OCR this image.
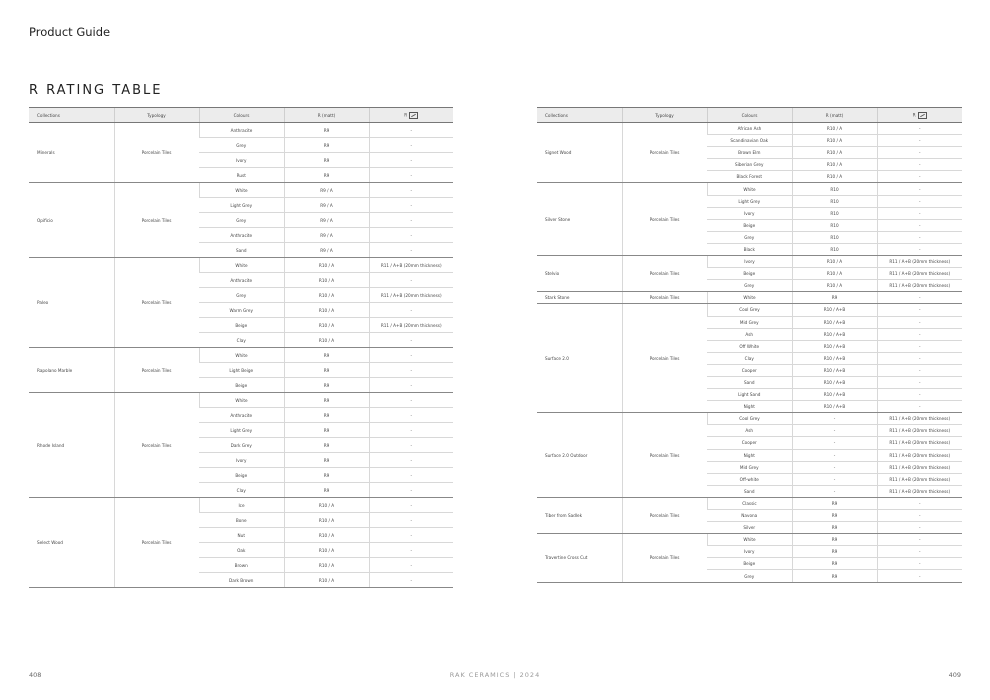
Product Guide
R RATING TABLE
Collections	Typology	Colours	R (matt)	R
Minerals	Porcelain Tiles	Anthracite	R9	-
		Grey	R9	-
		Ivory	R9	-
		Rust	R9	-
Opificio	Porcelain Tiles	White	R9 / A	-
		Light Grey	R9 / A	-
		Grey	R9 / A	-
		Anthracite	R9 / A	-
		Sand	R9 / A	-
Paleo	Porcelain Tiles	White	R10 / A	R11 / A+B (20mm thickness)
		Anthracite	R10 / A	-
		Grey	R10 / A	R11 / A+B (20mm thickness)
		Warm Grey	R10 / A	-
		Beige	R10 / A	R11 / A+B (20mm thickness)
		Clay	R10 / A	-
Rapolano Marble	Porcelain Tiles	White	R9	-
		Light Beige	R9	-
		Beige	R9	-
Rhode Island	Porcelain Tiles	White	R9	-
		Anthracite	R9	-
		Light Grey	R9	-
		Dark Grey	R9	-
		Ivory	R9	-
		Beige	R9	-
		Clay	R9	-
Select Wood	Porcelain Tiles	Ice	R10 / A	-
		Bone	R10 / A	-
		Nut	R10 / A	-
		Oak	R10 / A	-
		Brown	R10 / A	-
		Dark Brown	R10 / A	-
Collections	Typology	Colours	R (matt)	R
Signet Wood	Porcelain Tiles	African Ash	R10 / A	-
		Scandinavian Oak	R10 / A	-
		Brown Elm	R10 / A	-
		Siberian Grey	R10 / A	-
		Black Forest	R10 / A	-
Silver Stone	Porcelain Tiles	White	R10	-
		Light Grey	R10	-
		Ivory	R10	-
		Beige	R10	-
		Grey	R10	-
		Black	R10	-
Stelvio	Porcelain Tiles	Ivory	R10 / A	R11 / A+B (20mm thickness)
		Beige	R10 / A	R11 / A+B (20mm thickness)
		Grey	R10 / A	R11 / A+B (20mm thickness)
Stark Stone	Porcelain Tiles	White	R9	-
Surface 2.0	Porcelain Tiles	Cool Grey	R10 / A+B	-
		Mid Grey	R10 / A+B	-
		Ash	R10 / A+B	-
		Off White	R10 / A+B	-
		Clay	R10 / A+B	-
		Cooper	R10 / A+B	-
		Sand	R10 / A+B	-
		Light Sand	R10 / A+B	-
		Night	R10 / A+B	-
Surface 2.0 Outdoor	Porcelain Tiles	Cool Grey	-	R11 / A+B (20mm thickness)
		Ash	-	R11 / A+B (20mm thickness)
		Cooper	-	R11 / A+B (20mm thickness)
		Night	-	R11 / A+B (20mm thickness)
		Mid Grey	-	R11 / A+B (20mm thickness)
		Off-white	-	R11 / A+B (20mm thickness)
		Sand	-	R11 / A+B (20mm thickness)
Tiber from Sadlek	Porcelain Tiles	Classic	R9	-
		Navona	R9	-
		Silver	R9	-
Travertine Cross Cut	Porcelain Tiles	White	R9	-
		Ivory	R9	-
		Beige	R9	-
		Grey	R9	-
408	RAK CERAMICS | 2024	409
